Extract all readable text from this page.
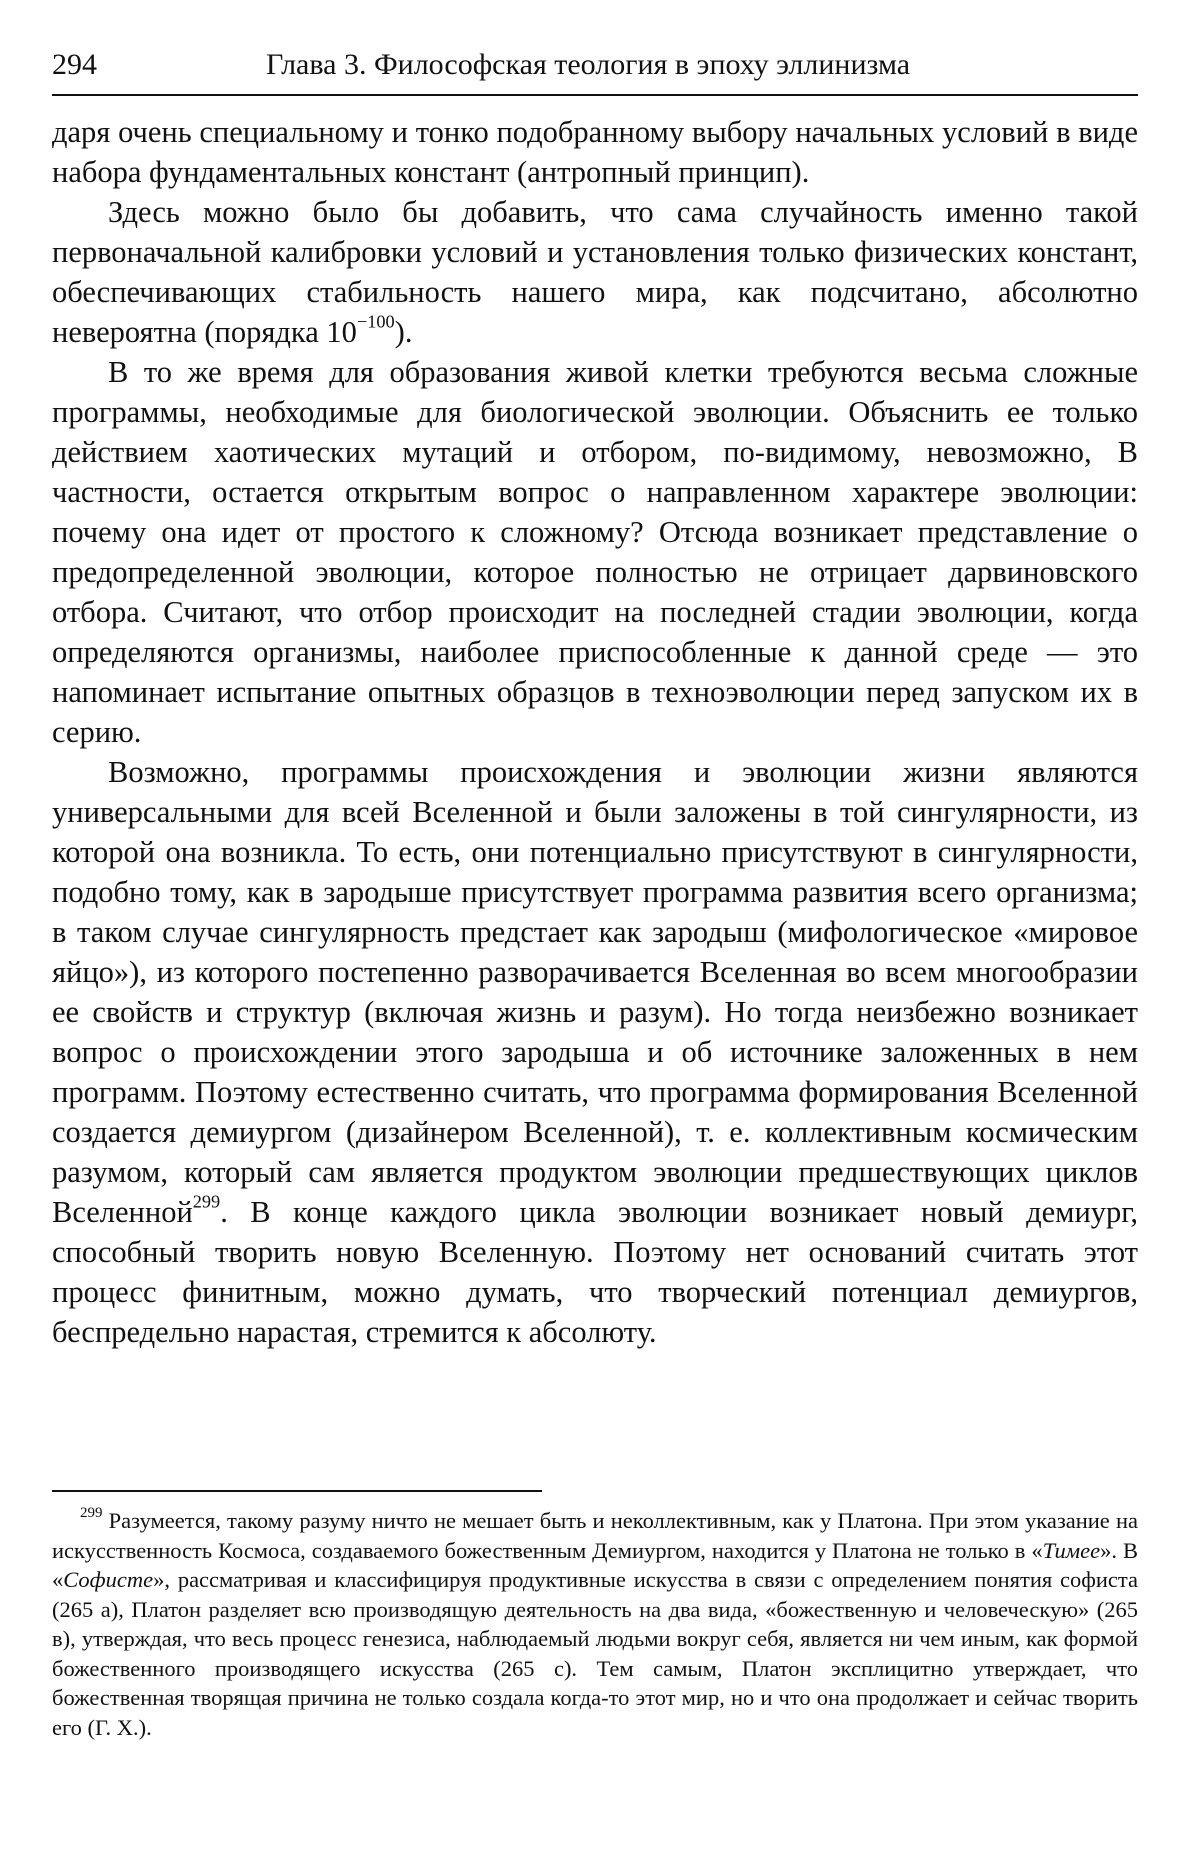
294	Глава 3. Философская теология в эпоху эллинизма

даря очень специальному и тонко подобранному выбору начальных условий в виде набора фундаментальных констант (антропный принцип).

Здесь можно было бы добавить, что сама случайность именно такой первоначальной калибровки условий и установления только физических констант, обеспечивающих стабильность нашего мира, как подсчитано, абсолютно невероятна (порядка $10^{-100}$).

В то же время для образования живой клетки требуются весьма сложные программы, необходимые для биологической эволюции. Объяснить ее только действием хаотических мутаций и отбором, по-видимому, невозможно, В частности, остается открытым вопрос о направленном характере эволюции: почему она идет от простого к сложному? Отсюда возникает представление о предопределенной эволюции, которое полностью не отрицает дарвиновского отбора. Считают, что отбор происходит на последней стадии эволюции, когда определяются организмы, наиболее приспособленные к данной среде — это напоминает испытание опытных образцов в техноэволюции перед запуском их в серию.

Возможно, программы происхождения и эволюции жизни являются универсальными для всей Вселенной и были заложены в той сингулярности, из которой она возникла. То есть, они потенциально присутствуют в сингулярности, подобно тому, как в зародыше присутствует программа развития всего организма; в таком случае сингулярность предстает как зародыш (мифологическое «мировое яйцо»), из которого постепенно разворачивается Вселенная во всем многообразии ее свойств и структур (включая жизнь и разум). Но тогда неизбежно возникает вопрос о происхождении этого зародыша и об источнике заложенных в нем программ. Поэтому естественно считать, что программа формирования Вселенной создается демиургом (дизайнером Вселенной), т. е. коллективным космическим разумом, который сам является продуктом эволюции предшествующих циклов Вселенной$^{299}$. В конце каждого цикла эволюции возникает новый демиург, способный творить новую Вселенную. Поэтому нет оснований считать этот процесс финитным, можно думать, что творческий потенциал демиургов, беспредельно нарастая, стремится к абсолюту.

$^{299}$ Разумеется, такому разуму ничто не мешает быть и неколлективным, как у Платона. При этом указание на искусственность Космоса, создаваемого божественным Демиургом, находится у Платона не только в «Тимее». В «Софисте», рассматривая и классифицируя продуктивные искусства в связи с определением понятия софиста (265 а), Платон разделяет всю производящую деятельность на два вида, «божественную и человеческую» (265 в), утверждая, что весь процесс генезиса, наблюдаемый людьми вокруг себя, является ни чем иным, как формой божественного производящего искусства (265 с). Тем самым, Платон эксплицитно утверждает, что божественная творящая причина не только создала когда-то этот мир, но и что она продолжает и сейчас творить его (Г. Х.).
